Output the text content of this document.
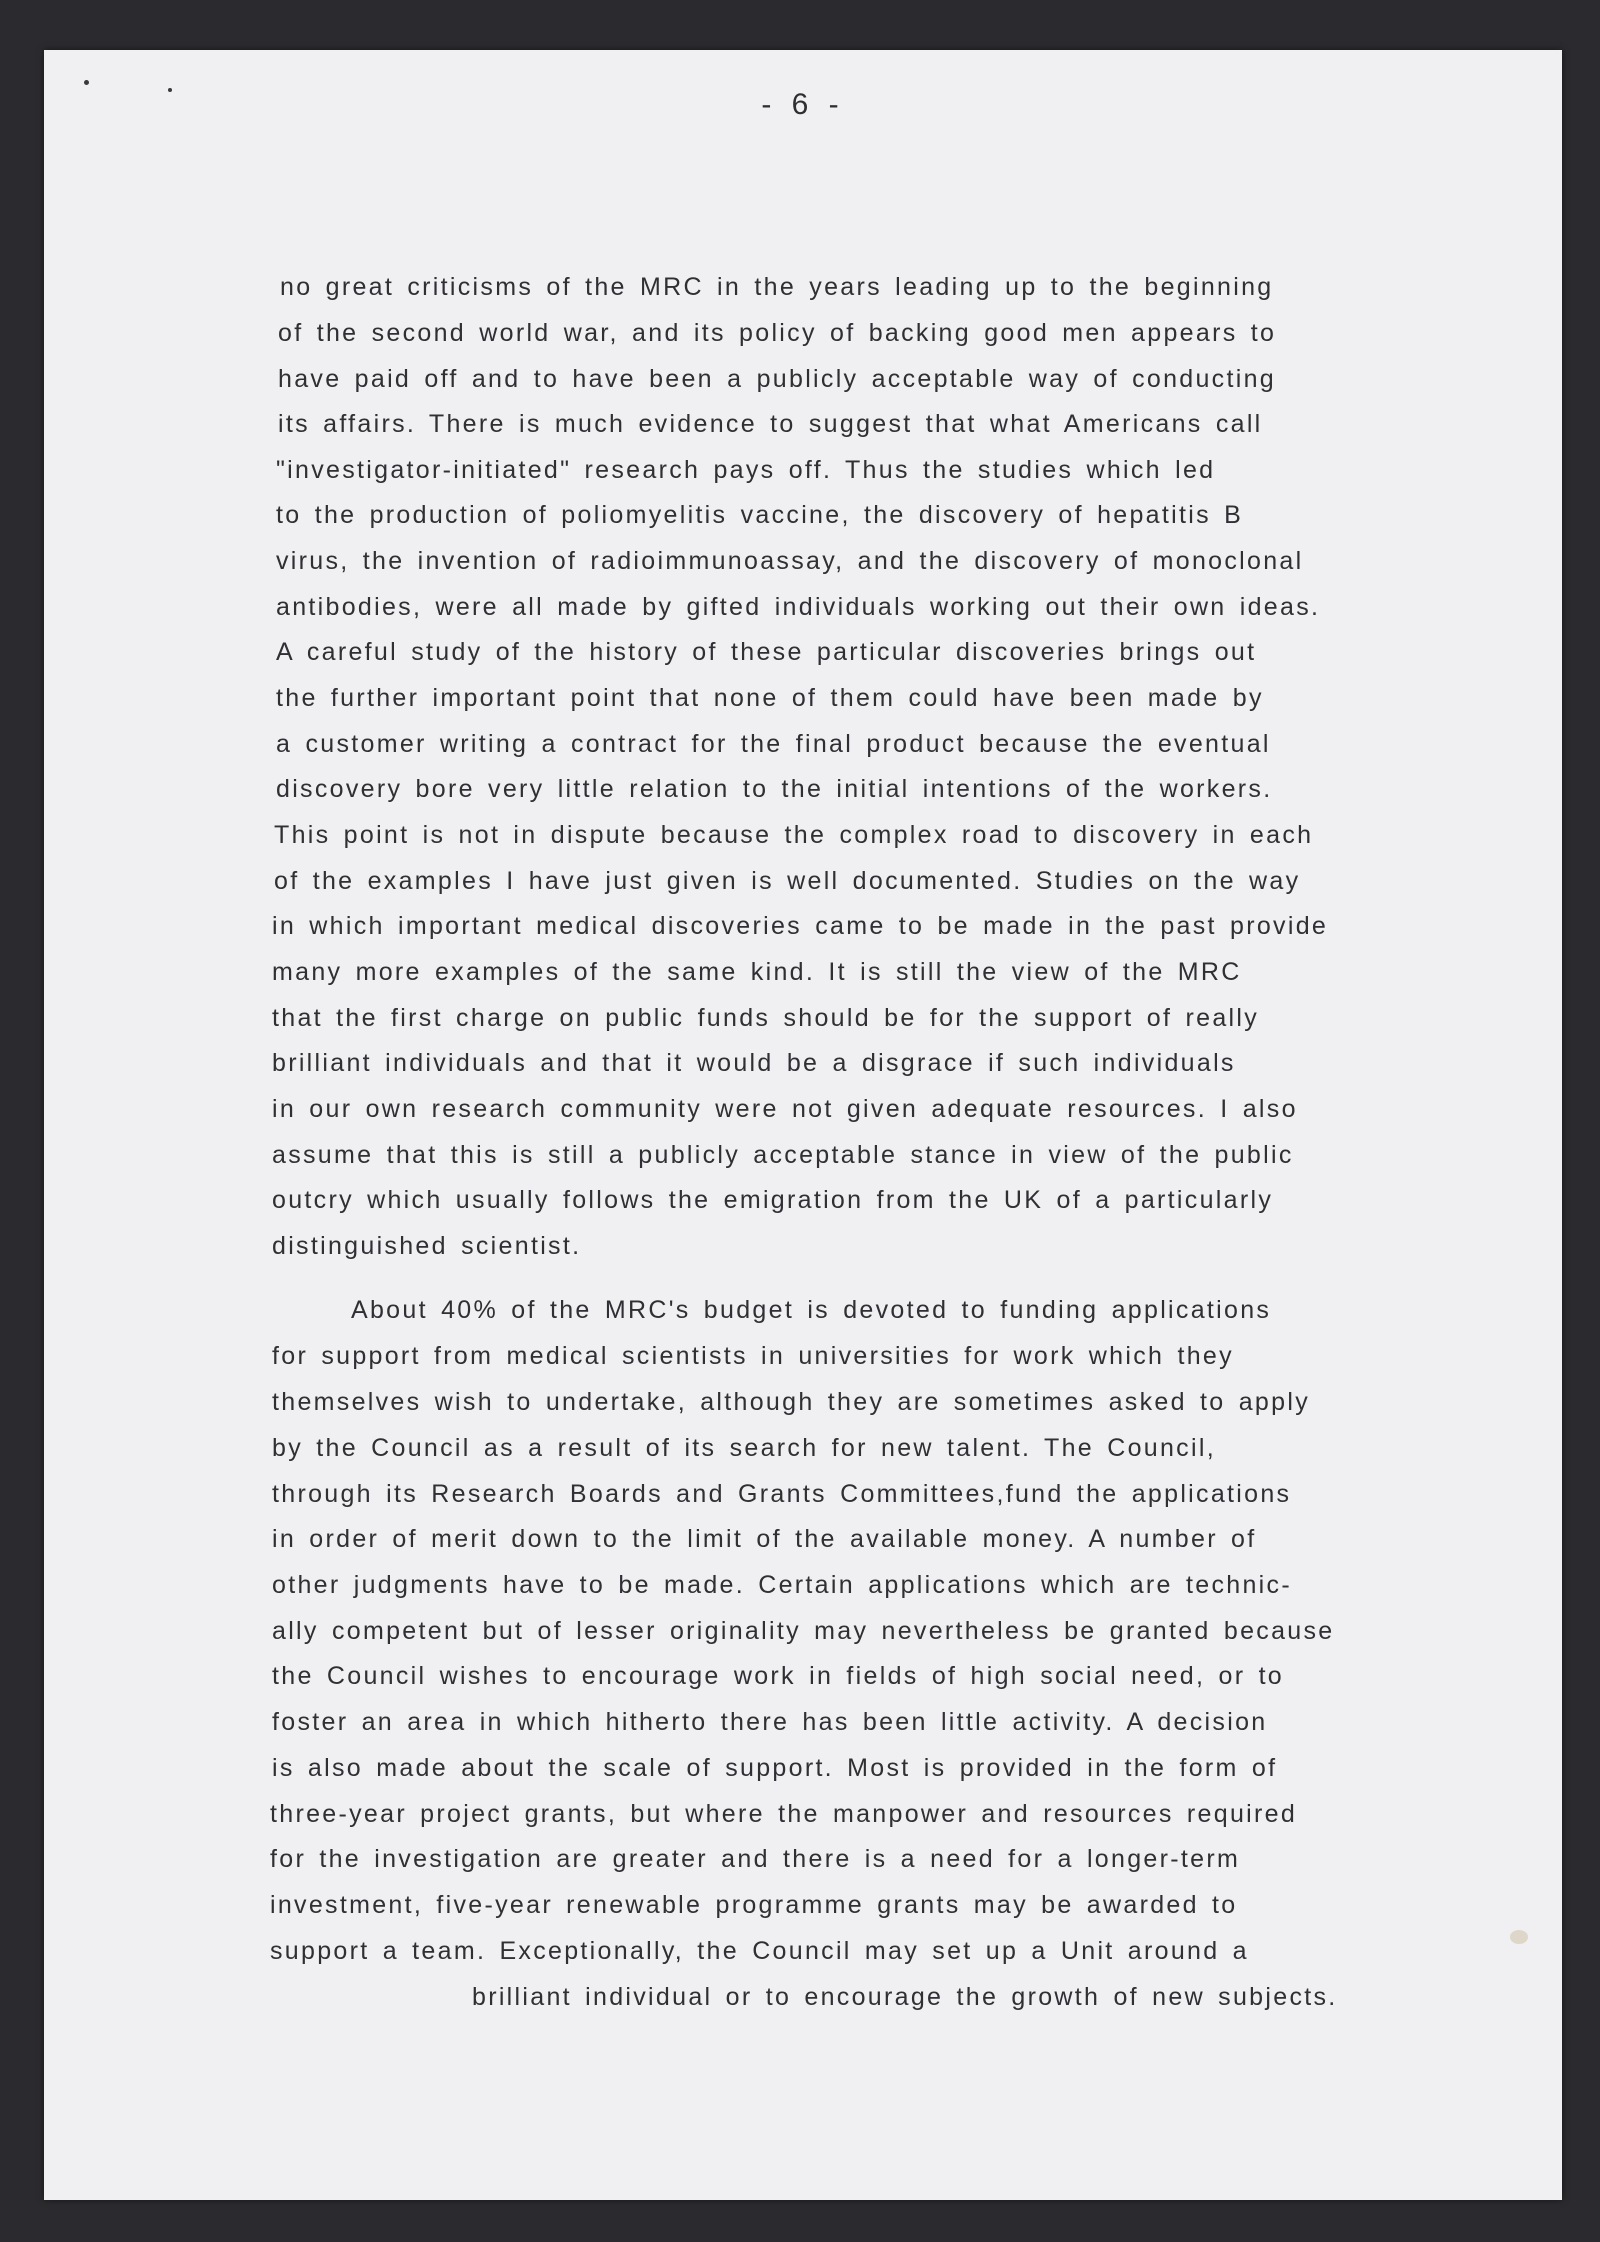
- 6 -
no great criticisms of the MRC in the years leading up to the beginning
of the second world war, and its policy of backing good men appears to
have paid off and to have been a publicly acceptable way of conducting
its affairs. There is much evidence to suggest that what Americans call
"investigator-initiated" research pays off. Thus the studies which led
to the production of poliomyelitis vaccine, the discovery of hepatitis B
virus, the invention of radioimmunoassay, and the discovery of monoclonal
antibodies, were all made by gifted individuals working out their own ideas.
A careful study of the history of these particular discoveries brings out
the further important point that none of them could have been made by
a customer writing a contract for the final product because the eventual
discovery bore very little relation to the initial intentions of the workers.
This point is not in dispute because the complex road to discovery in each
of the examples I have just given is well documented. Studies on the way
in which important medical discoveries came to be made in the past provide
many more examples of the same kind. It is still the view of the MRC
that the first charge on public funds should be for the support of really
brilliant individuals and that it would be a disgrace if such individuals
in our own research community were not given adequate resources. I also
assume that this is still a publicly acceptable stance in view of the public
outcry which usually follows the emigration from the UK of a particularly
distinguished scientist.
About 40% of the MRC's budget is devoted to funding applications
for support from medical scientists in universities for work which they
themselves wish to undertake, although they are sometimes asked to apply
by the Council as a result of its search for new talent. The Council,
through its Research Boards and Grants Committees,fund the applications
in order of merit down to the limit of the available money. A number of
other judgments have to be made. Certain applications which are technic-
ally competent but of lesser originality may nevertheless be granted because
the Council wishes to encourage work in fields of high social need, or to
foster an area in which hitherto there has been little activity. A decision
is also made about the scale of support. Most is provided in the form of
three-year project grants, but where the manpower and resources required
for the investigation are greater and there is a need for a longer-term
investment, five-year renewable programme grants may be awarded to
support a team. Exceptionally, the Council may set up a Unit around a
brilliant individual or to encourage the growth of new subjects.
